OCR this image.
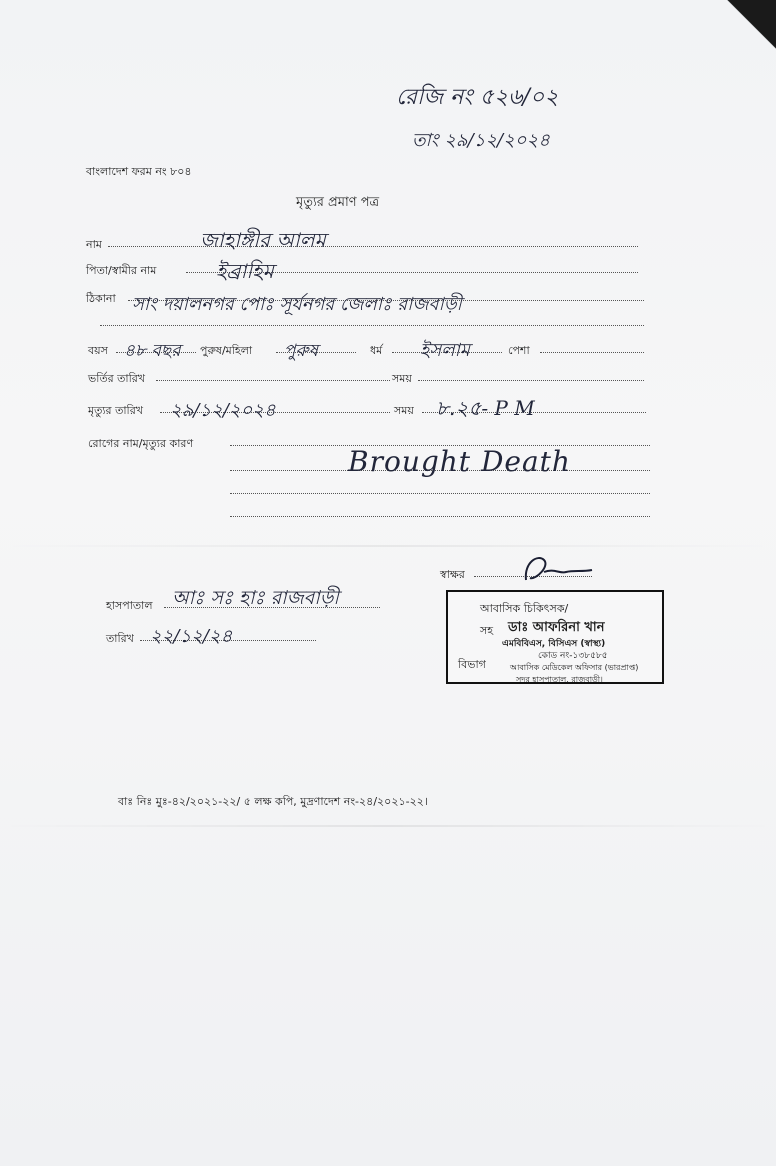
রেজি নং ৫২৬/০২
তাং ২৯/১২/২০২৪
বাংলাদেশ ফরম নং ৮০৪
মৃত্যুর প্রমাণ পত্র
নাম	জাহাঙ্গীর আলম
পিতা/স্বামীর নাম	ইব্রাহিম
ঠিকানা সাং দয়ালনগর পোঃ সূর্যনগর জেলাঃ রাজবাড়ী
বয়স ৪৮ বছর পুরুষ/মহিলা পুরুষ	ধর্ম ইসলাম	পেশা
ভর্তির তারিখ	সময়
মৃত্যুর তারিখ ২৯/১২/২০২৪	সময় ৮.২৫- P M
রোগের নাম/মৃত্যুর কারণ
Brought Death
স্বাক্ষর
হাসপাতাল আঃ সঃ হাঃ রাজবাড়ী
তারিখ ২২/১২/২৪
আবাসিক চিকিৎসক/
সহ ডাঃ আফরিনা খান
এমবিবিএস, বিসিএস (স্বাস্থ্য)
কোড নং-১৩৮৫৮৫
বিভাগ	আবাসিক মেডিকেল অফিসার (ভারপ্রাপ্ত)
সদর হাসপাতাল, রাজবাড়ী।
বাঃ নিঃ মুঃ-৪২/২০২১-২২/ ৫ লক্ষ কপি, মুদ্রণাদেশ নং-২৪/২০২১-২২।
